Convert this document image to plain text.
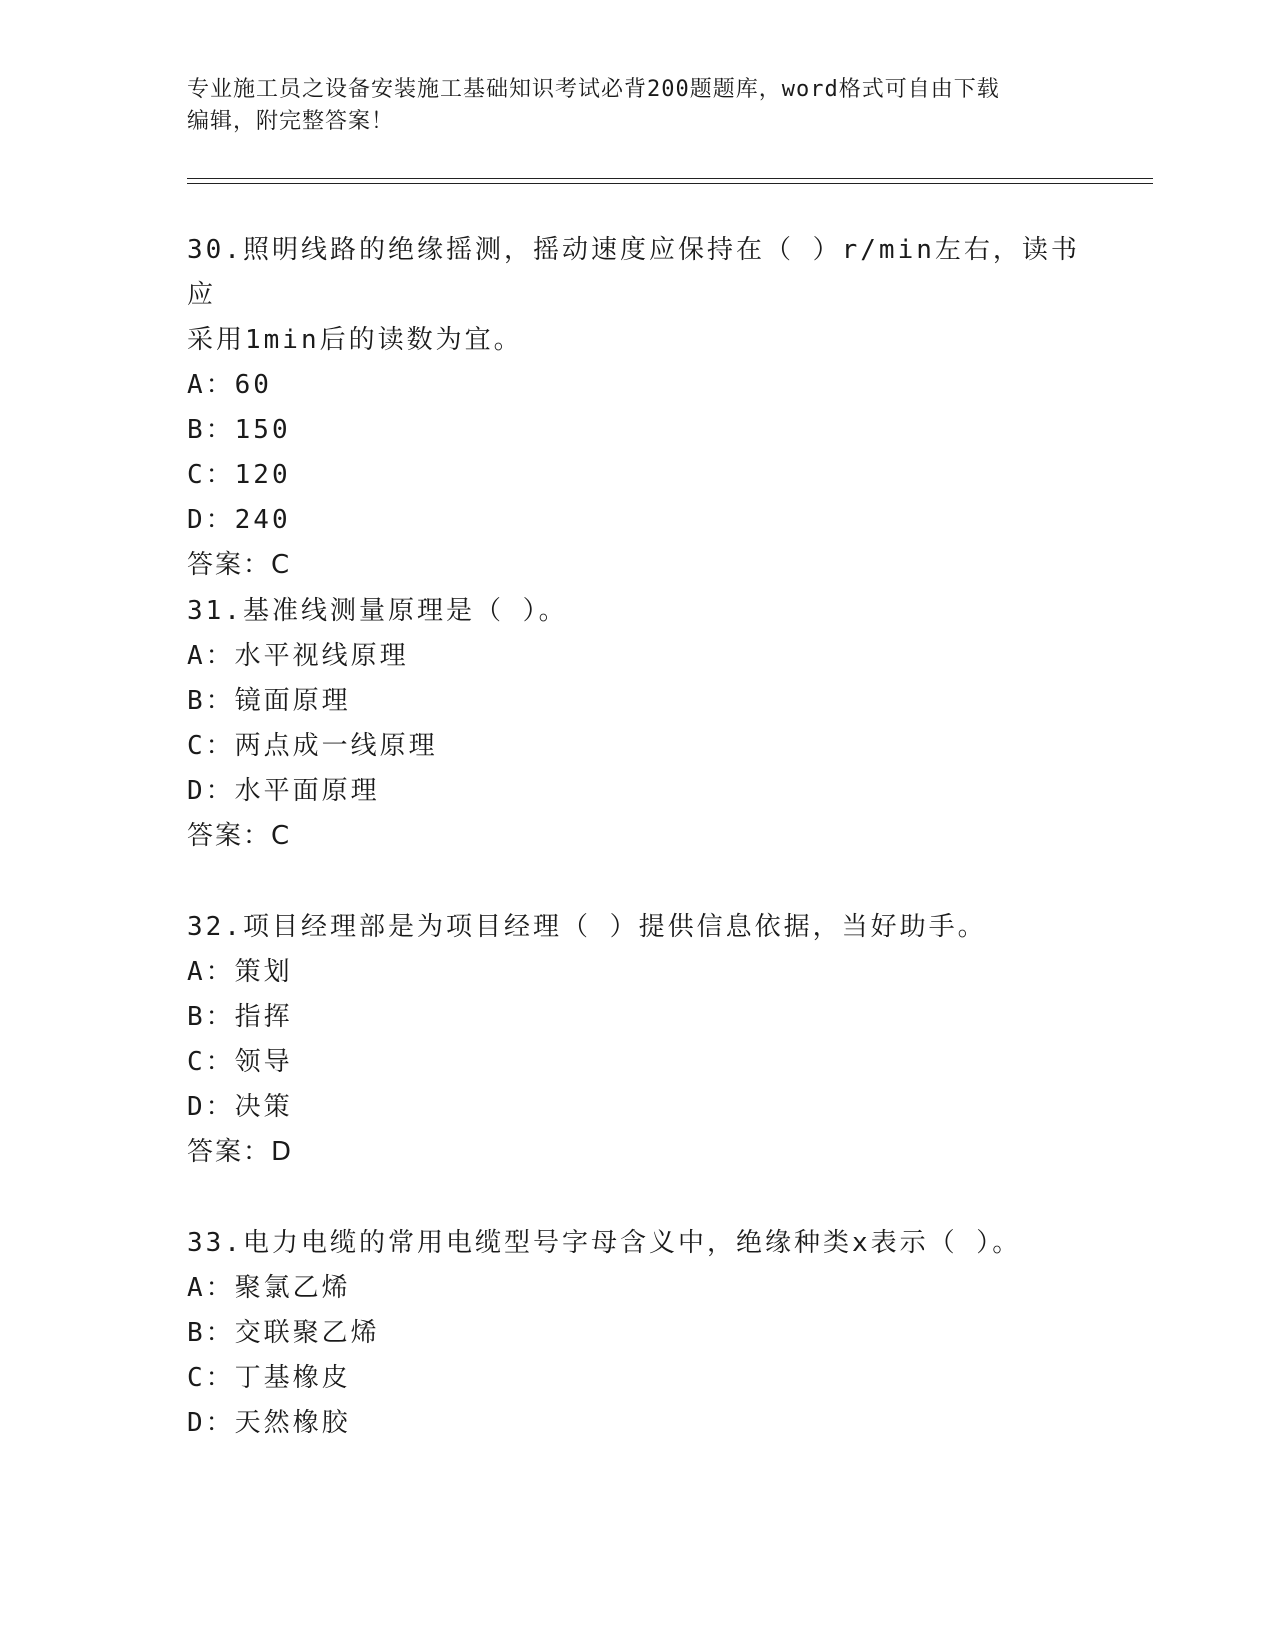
专业施工员之设备安装施工基础知识考试必背200题题库，word格式可自由下载
编辑，附完整答案！

30.照明线路的绝缘摇测，摇动速度应保持在（ ）r/min左右，读书应

采用1min后的读数为宜。

A：60

B：150

C：120

D：240

答案：C

31.基准线测量原理是（ ）。

A：水平视线原理

B：镜面原理

C：两点成一线原理

D：水平面原理

答案：C

32.项目经理部是为项目经理（ ）提供信息依据，当好助手。

A：策划

B：指挥

C：领导

D：决策

答案：D

33.电力电缆的常用电缆型号字母含义中，绝缘种类x表示（ ）。

A：聚氯乙烯

B：交联聚乙烯

C：丁基橡皮

D：天然橡胶
